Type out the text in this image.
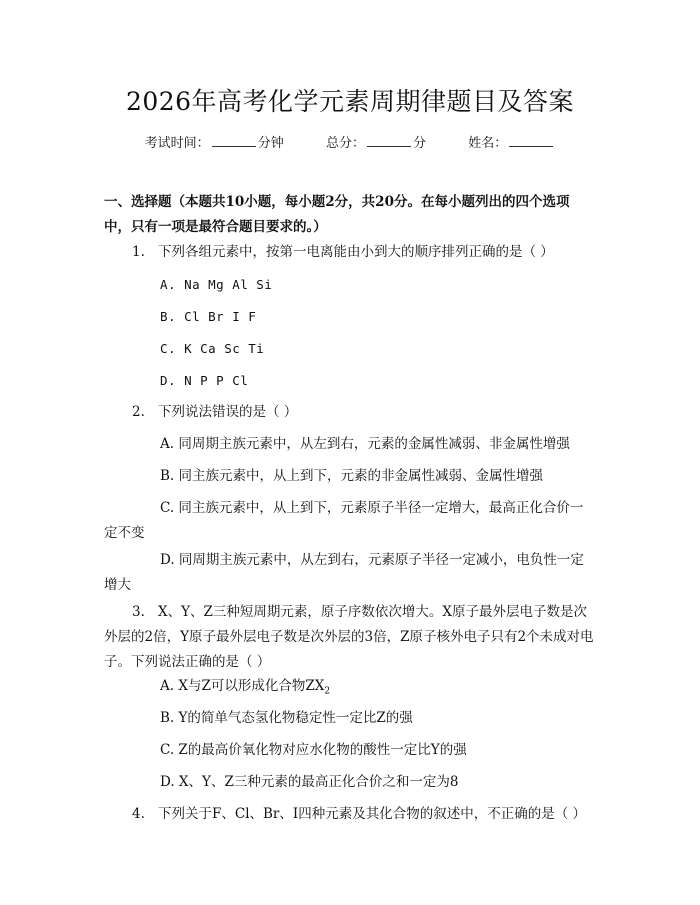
2026年高考化学元素周期律题目及答案
考试时间：	分钟	总分：	分	姓名：
一、选择题（本题共10小题，每小题2分，共20分。在每小题列出的四个选项中，只有一项是最符合题目要求的。）
1. 下列各组元素中，按第一电离能由小到大的顺序排列正确的是（ ）
A. Na Mg Al Si
B. Cl Br I F
C. K Ca Sc Ti
D. N P P Cl
2. 下列说法错误的是（ ）
A. 同周期主族元素中，从左到右，元素的金属性减弱、非金属性增强
B. 同主族元素中，从上到下，元素的非金属性减弱、金属性增强
C. 同主族元素中，从上到下，元素原子半径一定增大，最高正化合价一定不变
D. 同周期主族元素中，从左到右，元素原子半径一定减小，电负性一定增大
3. X、Y、Z三种短周期元素，原子序数依次增大。X原子最外层电子数是次外层的2倍，Y原子最外层电子数是次外层的3倍，Z原子核外电子只有2个未成对电子。下列说法正确的是（ ）
A. X与Z可以形成化合物$ZX_2$
B. Y的简单气态氢化物稳定性一定比Z的强
C. Z的最高价氧化物对应水化物的酸性一定比Y的强
D. X、Y、Z三种元素的最高正化合价之和一定为8
4. 下列关于F、Cl、Br、I四种元素及其化合物的叙述中，不正确的是（ ）
